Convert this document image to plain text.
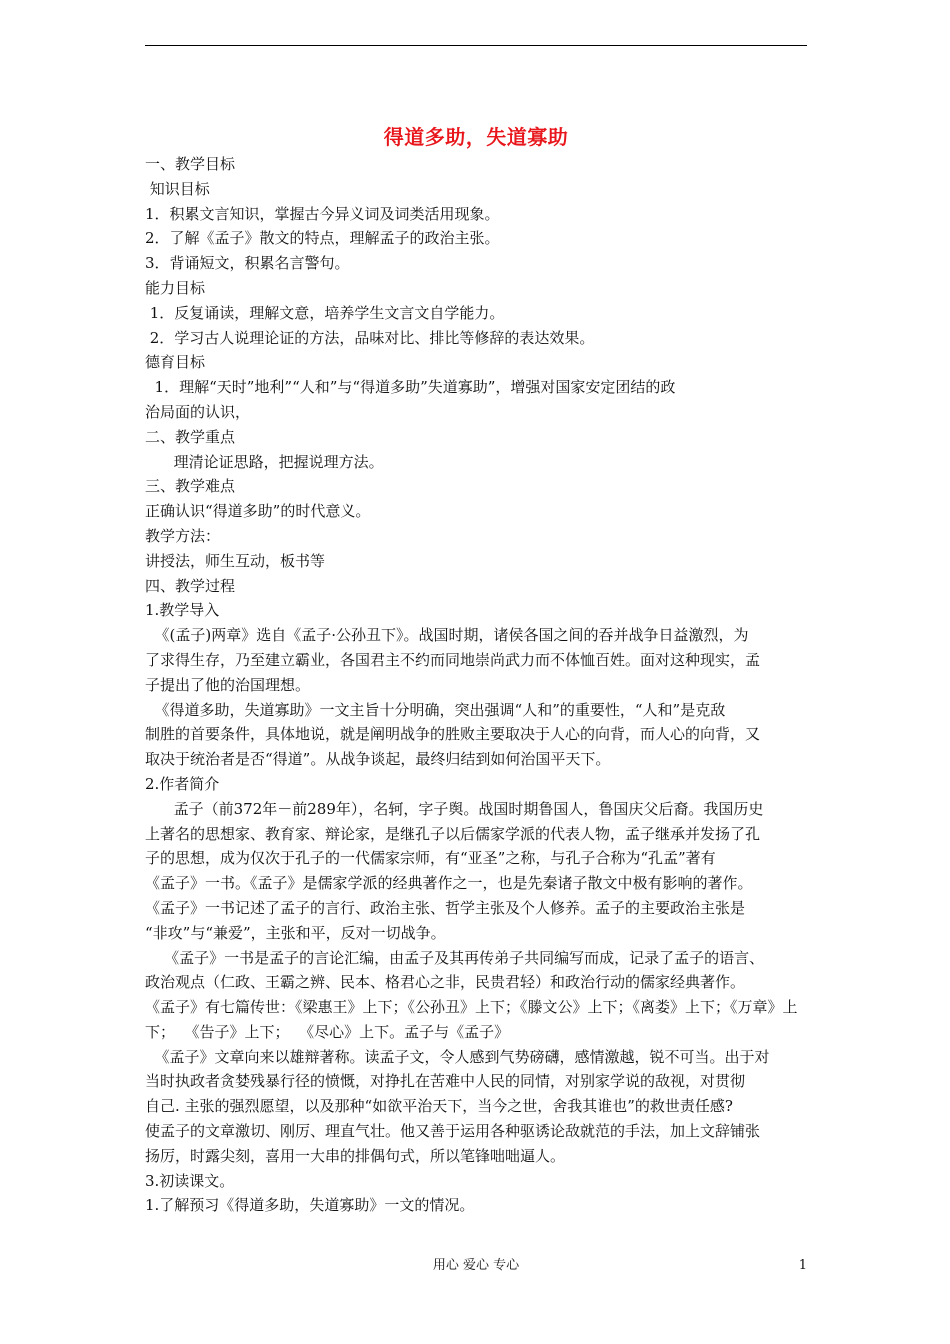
得道多助，失道寡助
一、教学目标
知识目标
1．积累文言知识，掌握古今异义词及词类活用现象。
2．了解《孟子》散文的特点，理解孟子的政治主张。
3．背诵短文，积累名言警句。
能力目标
1．反复诵读，理解文意，培养学生文言文自学能力。
2．学习古人说理论证的方法，品味对比、排比等修辞的表达效果。
德育目标
1．理解“天时”地利”“人和”与“得道多助”失道寡助”，增强对国家安定团结的政
治局面的认识，
二、教学重点
理清论证思路，把握说理方法。
三、教学难点
正确认识“得道多助”的时代意义。
教学方法：
讲授法，师生互动，板书等
四、教学过程
1.教学导入
《(孟子)两章》选自《孟子·公孙丑下》。战国时期，诸侯各国之间的吞并战争日益激烈，为
了求得生存，乃至建立霸业，各国君主不约而同地崇尚武力而不体恤百姓。面对这种现实，孟
子提出了他的治国理想。
《得道多助，失道寡助》一文主旨十分明确，突出强调“人和”的重要性，“人和”是克敌
制胜的首要条件，具体地说，就是阐明战争的胜败主要取决于人心的向背，而人心的向背，又
取决于统治者是否“得道”。从战争谈起，最终归结到如何治国平天下。
2.作者简介
孟子（前372年－前289年），名轲，字子舆。战国时期鲁国人，鲁国庆父后裔。我国历史
上著名的思想家、教育家、辩论家，是继孔子以后儒家学派的代表人物，孟子继承并发扬了孔
子的思想，成为仅次于孔子的一代儒家宗师，有“亚圣”之称，与孔子合称为“孔孟”著有
《孟子》一书。《孟子》是儒家学派的经典著作之一，也是先秦诸子散文中极有影响的著作。
《孟子》一书记述了孟子的言行、政治主张、哲学主张及个人修养。孟子的主要政治主张是
“非攻”与“兼爱”，主张和平，反对一切战争。
《孟子》一书是孟子的言论汇编，由孟子及其再传弟子共同编写而成，记录了孟子的语言、
政治观点（仁政、王霸之辨、民本、格君心之非，民贵君轻）和政治行动的儒家经典著作。
《孟子》有七篇传世：《梁惠王》上下；《公孙丑》上下；《滕文公》上下；《离娄》上下；《万章》上
下；  《告子》上下；  《尽心》上下。孟子与《孟子》
《孟子》文章向来以雄辩著称。读孟子文，令人感到气势磅礴，感情激越，锐不可当。出于对
当时执政者贪婪残暴行径的愤慨，对挣扎在苦难中人民的同情，对别家学说的敌视，对贯彻
自己. 主张的强烈愿望，以及那种“如欲平治天下，当今之世，舍我其谁也”的救世责任感?
使孟子的文章激切、刚厉、理直气壮。他又善于运用各种驱诱论敌就范的手法，加上文辞铺张
扬厉，时露尖刻，喜用一大串的排偶句式，所以笔锋咄咄逼人。
3.初读课文。
1.了解预习《得道多助，失道寡助》一文的情况。
用心 爱心 专心	1
